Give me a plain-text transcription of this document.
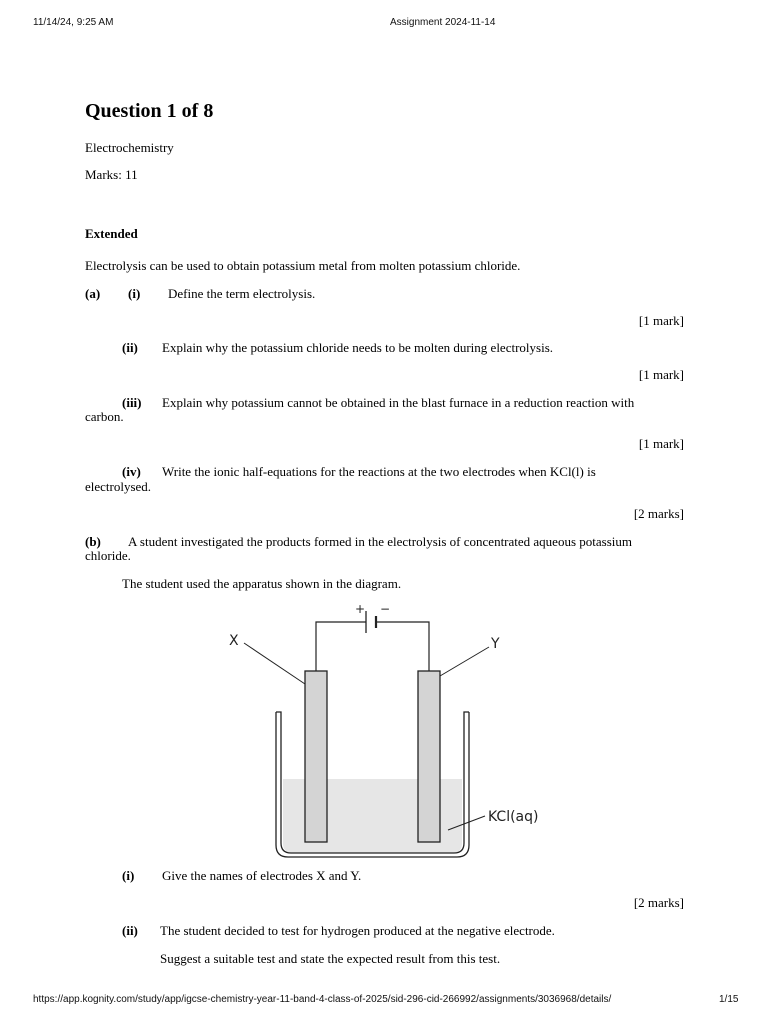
11/14/24, 9:25 AM	Assignment 2024-11-14
Question 1 of 8
Electrochemistry
Marks: 11
Extended
Electrolysis can be used to obtain potassium metal from molten potassium chloride.
(a) (i) Define the term electrolysis.
[1 mark]
(ii) Explain why the potassium chloride needs to be molten during electrolysis.
[1 mark]
(iii) Explain why potassium cannot be obtained in the blast furnace in a reduction reaction with
carbon.
[1 mark]
(iv) Write the ionic half-equations for the reactions at the two electrodes when KCl(l) is
electrolysed.
[2 marks]
(b) A student investigated the products formed in the electrolysis of concentrated aqueous potassium
chloride.
The student used the apparatus shown in the diagram.
+ −
X	Y
KCl(aq)
(i) Give the names of electrodes X and Y.
[2 marks]
(ii) The student decided to test for hydrogen produced at the negative electrode.
Suggest a suitable test and state the expected result from this test.
https://app.kognity.com/study/app/igcse-chemistry-year-11-band-4-class-of-2025/sid-296-cid-266992/assignments/3036968/details/	1/15
